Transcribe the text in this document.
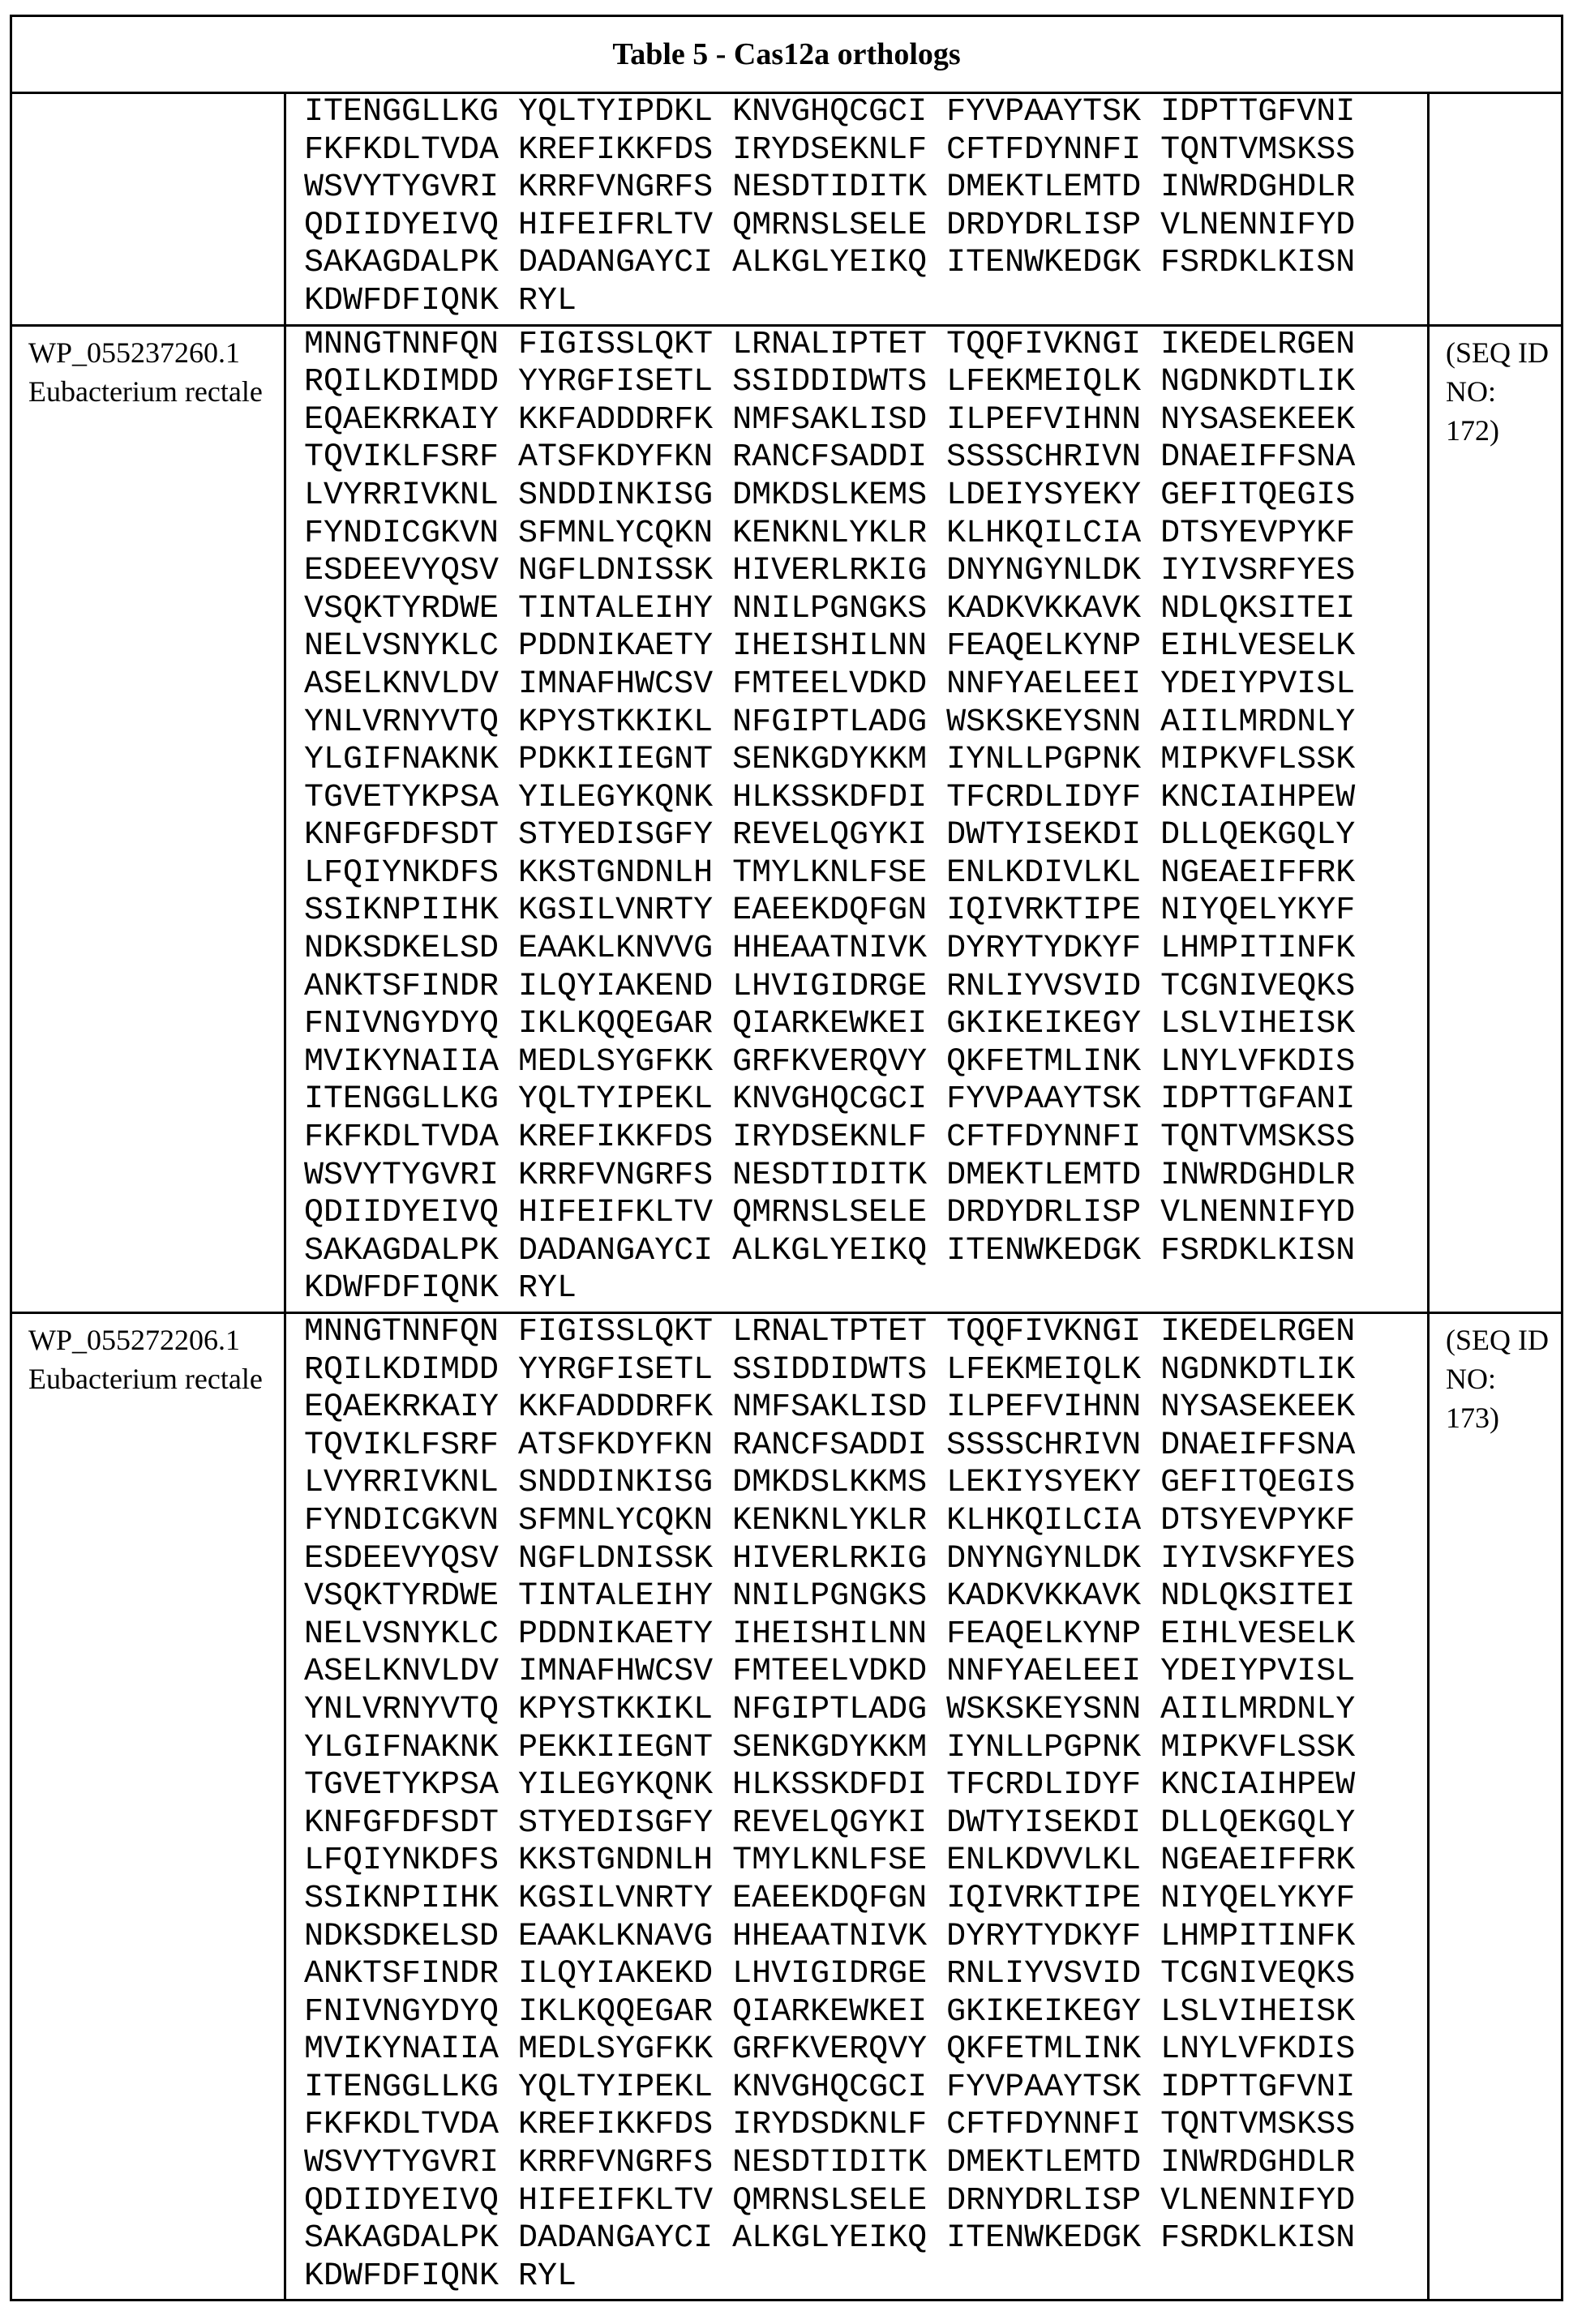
Table 5 - Cas12a orthologs

ITENGGLLKG YQLTYIPDKL KNVGHQCGCI FYVPAAYTSK IDPTTGFVNI
FKFKDLTVDA KREFIKKFDS IRYDSEKNLF CFTFDYNNFI TQNTVMSKSS
WSVYTYGVRI KRRFVNGRFS NESDTIDITK DMEKTLEMTD INWRDGHDLR
QDIIDYEIVQ HIFEIFRLTV QMRNSLSELE DRDYDRLISP VLNENNIFYD
SAKAGDALPK DADANGAYCI ALKGLYEIKQ ITENWKEDGK FSRDKLKISN
KDWFDFIQNK RYL

WP_055237260.1
Eubacterium rectale

MNNGTNNFQN FIGISSLQKT LRNALIPTET TQQFIVKNGI IKEDELRGEN
RQILKDIMDD YYRGFISETL SSIDDIDWTS LFEKMEIQLK NGDNKDTLIK
EQAEKRKAIY KKFADDDRFK NMFSAKLISD ILPEFVIHNN NYSASEKEEK
TQVIKLFSRF ATSFKDYFKN RANCFSADDI SSSSCHRIVN DNAEIFFSNA
LVYRRIVKNL SNDDINKISG DMKDSLKEMS LDEIYSYEKY GEFITQEGIS
FYNDICGKVN SFMNLYCQKN KENKNLYKLR KLHKQILCIA DTSYEVPYKF
ESDEEVYQSV NGFLDNISSK HIVERLRKIG DNYNGYNLDK IYIVSRFYES
VSQKTYRDWE TINTALEIHY NNILPGNGKS KADKVKKAVK NDLQKSITEI
NELVSNYKLC PDDNIKAETY IHEISHILNN FEAQELKYNP EIHLVESELK
ASELKNVLDV IMNAFHWCSV FMTEELVDKD NNFYAELEEI YDEIYPVISL
YNLVRNYVTQ KPYSTKKIKL NFGIPTLADG WSKSKEYSNN AIILMRDNLY
YLGIFNAKNK PDKKIIEGNT SENKGDYKKM IYNLLPGPNK MIPKVFLSSK
TGVETYKPSA YILEGYKQNK HLKSSKDFDI TFCRDLIDYF KNCIAIHPEW
KNFGFDFSDT STYEDISGFY REVELQGYKI DWTYISEKDI DLLQEKGQLY
LFQIYNKDFS KKSTGNDNLH TMYLKNLFSE ENLKDIVLKL NGEAEIFFRK
SSIKNPIIHK KGSILVNRTY EAEEKDQFGN IQIVRKTIPE NIYQELYKYF
NDKSDKELSD EAAKLKNVVG HHEAATNIVK DYRYTYDKYF LHMPITINFK
ANKTSFINDR ILQYIAKEND LHVIGIDRGE RNLIYVSVID TCGNIVEQKS
FNIVNGYDYQ IKLKQQEGAR QIARKEWKEI GKIKEIKEGY LSLVIHEISK
MVIKYNAIIA MEDLSYGFKK GRFKVERQVY QKFETMLINK LNYLVFKDIS
ITENGGLLKG YQLTYIPEKL KNVGHQCGCI FYVPAAYTSK IDPTTGFANI
FKFKDLTVDA KREFIKKFDS IRYDSEKNLF CFTFDYNNFI TQNTVMSKSS
WSVYTYGVRI KRRFVNGRFS NESDTIDITK DMEKTLEMTD INWRDGHDLR
QDIIDYEIVQ HIFEIFKLTV QMRNSLSELE DRDYDRLISP VLNENNIFYD
SAKAGDALPK DADANGAYCI ALKGLYEIKQ ITENWKEDGK FSRDKLKISN
KDWFDFIQNK RYL
	(SEQ ID NO: 172)

WP_055272206.1
Eubacterium rectale

MNNGTNNFQN FIGISSLQKT LRNALTPTET TQQFIVKNGI IKEDELRGEN
RQILKDIMDD YYRGFISETL SSIDDIDWTS LFEKMEIQLK NGDNKDTLIK
EQAEKRKAIY KKFADDDRFK NMFSAKLISD ILPEFVIHNN NYSASEKEEK
TQVIKLFSRF ATSFKDYFKN RANCFSADDI SSSSCHRIVN DNAEIFFSNA
LVYRRIVKNL SNDDINKISG DMKDSLKKMS LEKIYSYEKY GEFITQEGIS
FYNDICGKVN SFMNLYCQKN KENKNLYKLR KLHKQILCIA DTSYEVPYKF
ESDEEVYQSV NGFLDNISSK HIVERLRKIG DNYNGYNLDK IYIVSKFYES
VSQKTYRDWE TINTALEIHY NNILPGNGKS KADKVKKAVK NDLQKSITEI
NELVSNYKLC PDDNIKAETY IHEISHILNN FEAQELKYNP EIHLVESELK
ASELKNVLDV IMNAFHWCSV FMTEELVDKD NNFYAELEEI YDEIYPVISL
YNLVRNYVTQ KPYSTKKIKL NFGIPTLADG WSKSKEYSNN AIILMRDNLY
YLGIFNAKNK PEKKIIEGNT SENKGDYKKM IYNLLPGPNK MIPKVFLSSK
TGVETYKPSA YILEGYKQNK HLKSSKDFDI TFCRDLIDYF KNCIAIHPEW
KNFGFDFSDT STYEDISGFY REVELQGYKI DWTYISEKDI DLLQEKGQLY
LFQIYNKDFS KKSTGNDNLH TMYLKNLFSE ENLKDVVLKL NGEAEIFFRK
SSIKNPIIHK KGSILVNRTY EAEEKDQFGN IQIVRKTIPE NIYQELYKYF
NDKSDKELSD EAAKLKNAVG HHEAATNIVK DYRYTYDKYF LHMPITINFK
ANKTSFINDR ILQYIAKEKD LHVIGIDRGE RNLIYVSVID TCGNIVEQKS
FNIVNGYDYQ IKLKQQEGAR QIARKEWKEI GKIKEIKEGY LSLVIHEISK
MVIKYNAIIA MEDLSYGFKK GRFKVERQVY QKFETMLINK LNYLVFKDIS
ITENGGLLKG YQLTYIPEKL KNVGHQCGCI FYVPAAYTSK IDPTTGFVNI
FKFKDLTVDA KREFIKKFDS IRYDSDKNLF CFTFDYNNFI TQNTVMSKSS
WSVYTYGVRI KRRFVNGRFS NESDTIDITK DMEKTLEMTD INWRDGHDLR
QDIIDYEIVQ HIFEIFKLTV QMRNSLSELE DRNYDRLISP VLNENNIFYD
SAKAGDALPK DADANGAYCI ALKGLYEIKQ ITENWKEDGK FSRDKLKISN
KDWFDFIQNK RYL
	(SEQ ID NO: 173)
